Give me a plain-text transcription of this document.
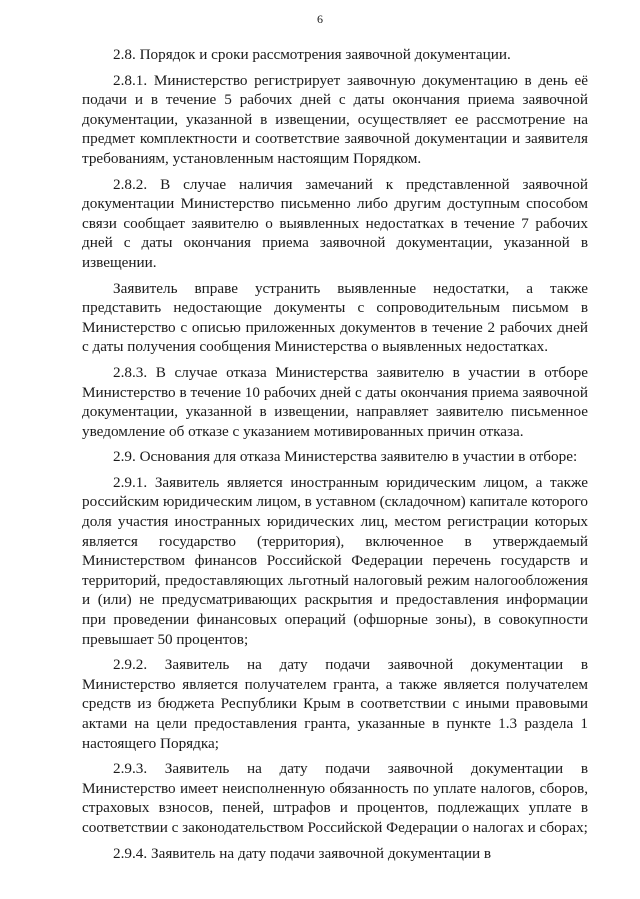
6

2.8. Порядок и сроки рассмотрения заявочной документации.

2.8.1. Министерство регистрирует заявочную документацию в день её подачи и в течение 5 рабочих дней с даты окончания приема заявочной документации, указанной в извещении, осуществляет ее рассмотрение на предмет комплектности и соответствие заявочной документации и заявителя требованиям, установленным настоящим Порядком.

2.8.2. В случае наличия замечаний к представленной заявочной документации Министерство письменно либо другим доступным способом связи сообщает заявителю о выявленных недостатках в течение 7 рабочих дней с даты окончания приема заявочной документации, указанной в извещении.

Заявитель вправе устранить выявленные недостатки, а также представить недостающие документы с сопроводительным письмом в Министерство с описью приложенных документов в течение 2 рабочих дней с даты получения сообщения Министерства о выявленных недостатках.

2.8.3. В случае отказа Министерства заявителю в участии в отборе Министерство в течение 10 рабочих дней с даты окончания приема заявочной документации, указанной в извещении, направляет заявителю письменное уведомление об отказе с указанием мотивированных причин отказа.

2.9. Основания для отказа Министерства заявителю в участии в отборе:

2.9.1. Заявитель является иностранным юридическим лицом, а также российским юридическим лицом, в уставном (складочном) капитале которого доля участия иностранных юридических лиц, местом регистрации которых является государство (территория), включенное в утверждаемый Министерством финансов Российской Федерации перечень государств и территорий, предоставляющих льготный налоговый режим налогообложения и (или) не предусматривающих раскрытия и предоставления информации при проведении финансовых операций (офшорные зоны), в совокупности превышает 50 процентов;

2.9.2. Заявитель на дату подачи заявочной документации в Министерство является получателем гранта, а также является получателем средств из бюджета Республики Крым в соответствии с иными правовыми актами на цели предоставления гранта, указанные в пункте 1.3 раздела 1 настоящего Порядка;

2.9.3. Заявитель на дату подачи заявочной документации в Министерство имеет неисполненную обязанность по уплате налогов, сборов, страховых взносов, пеней, штрафов и процентов, подлежащих уплате в соответствии с законодательством Российской Федерации о налогах и сборах;

2.9.4. Заявитель на дату подачи заявочной документации в
